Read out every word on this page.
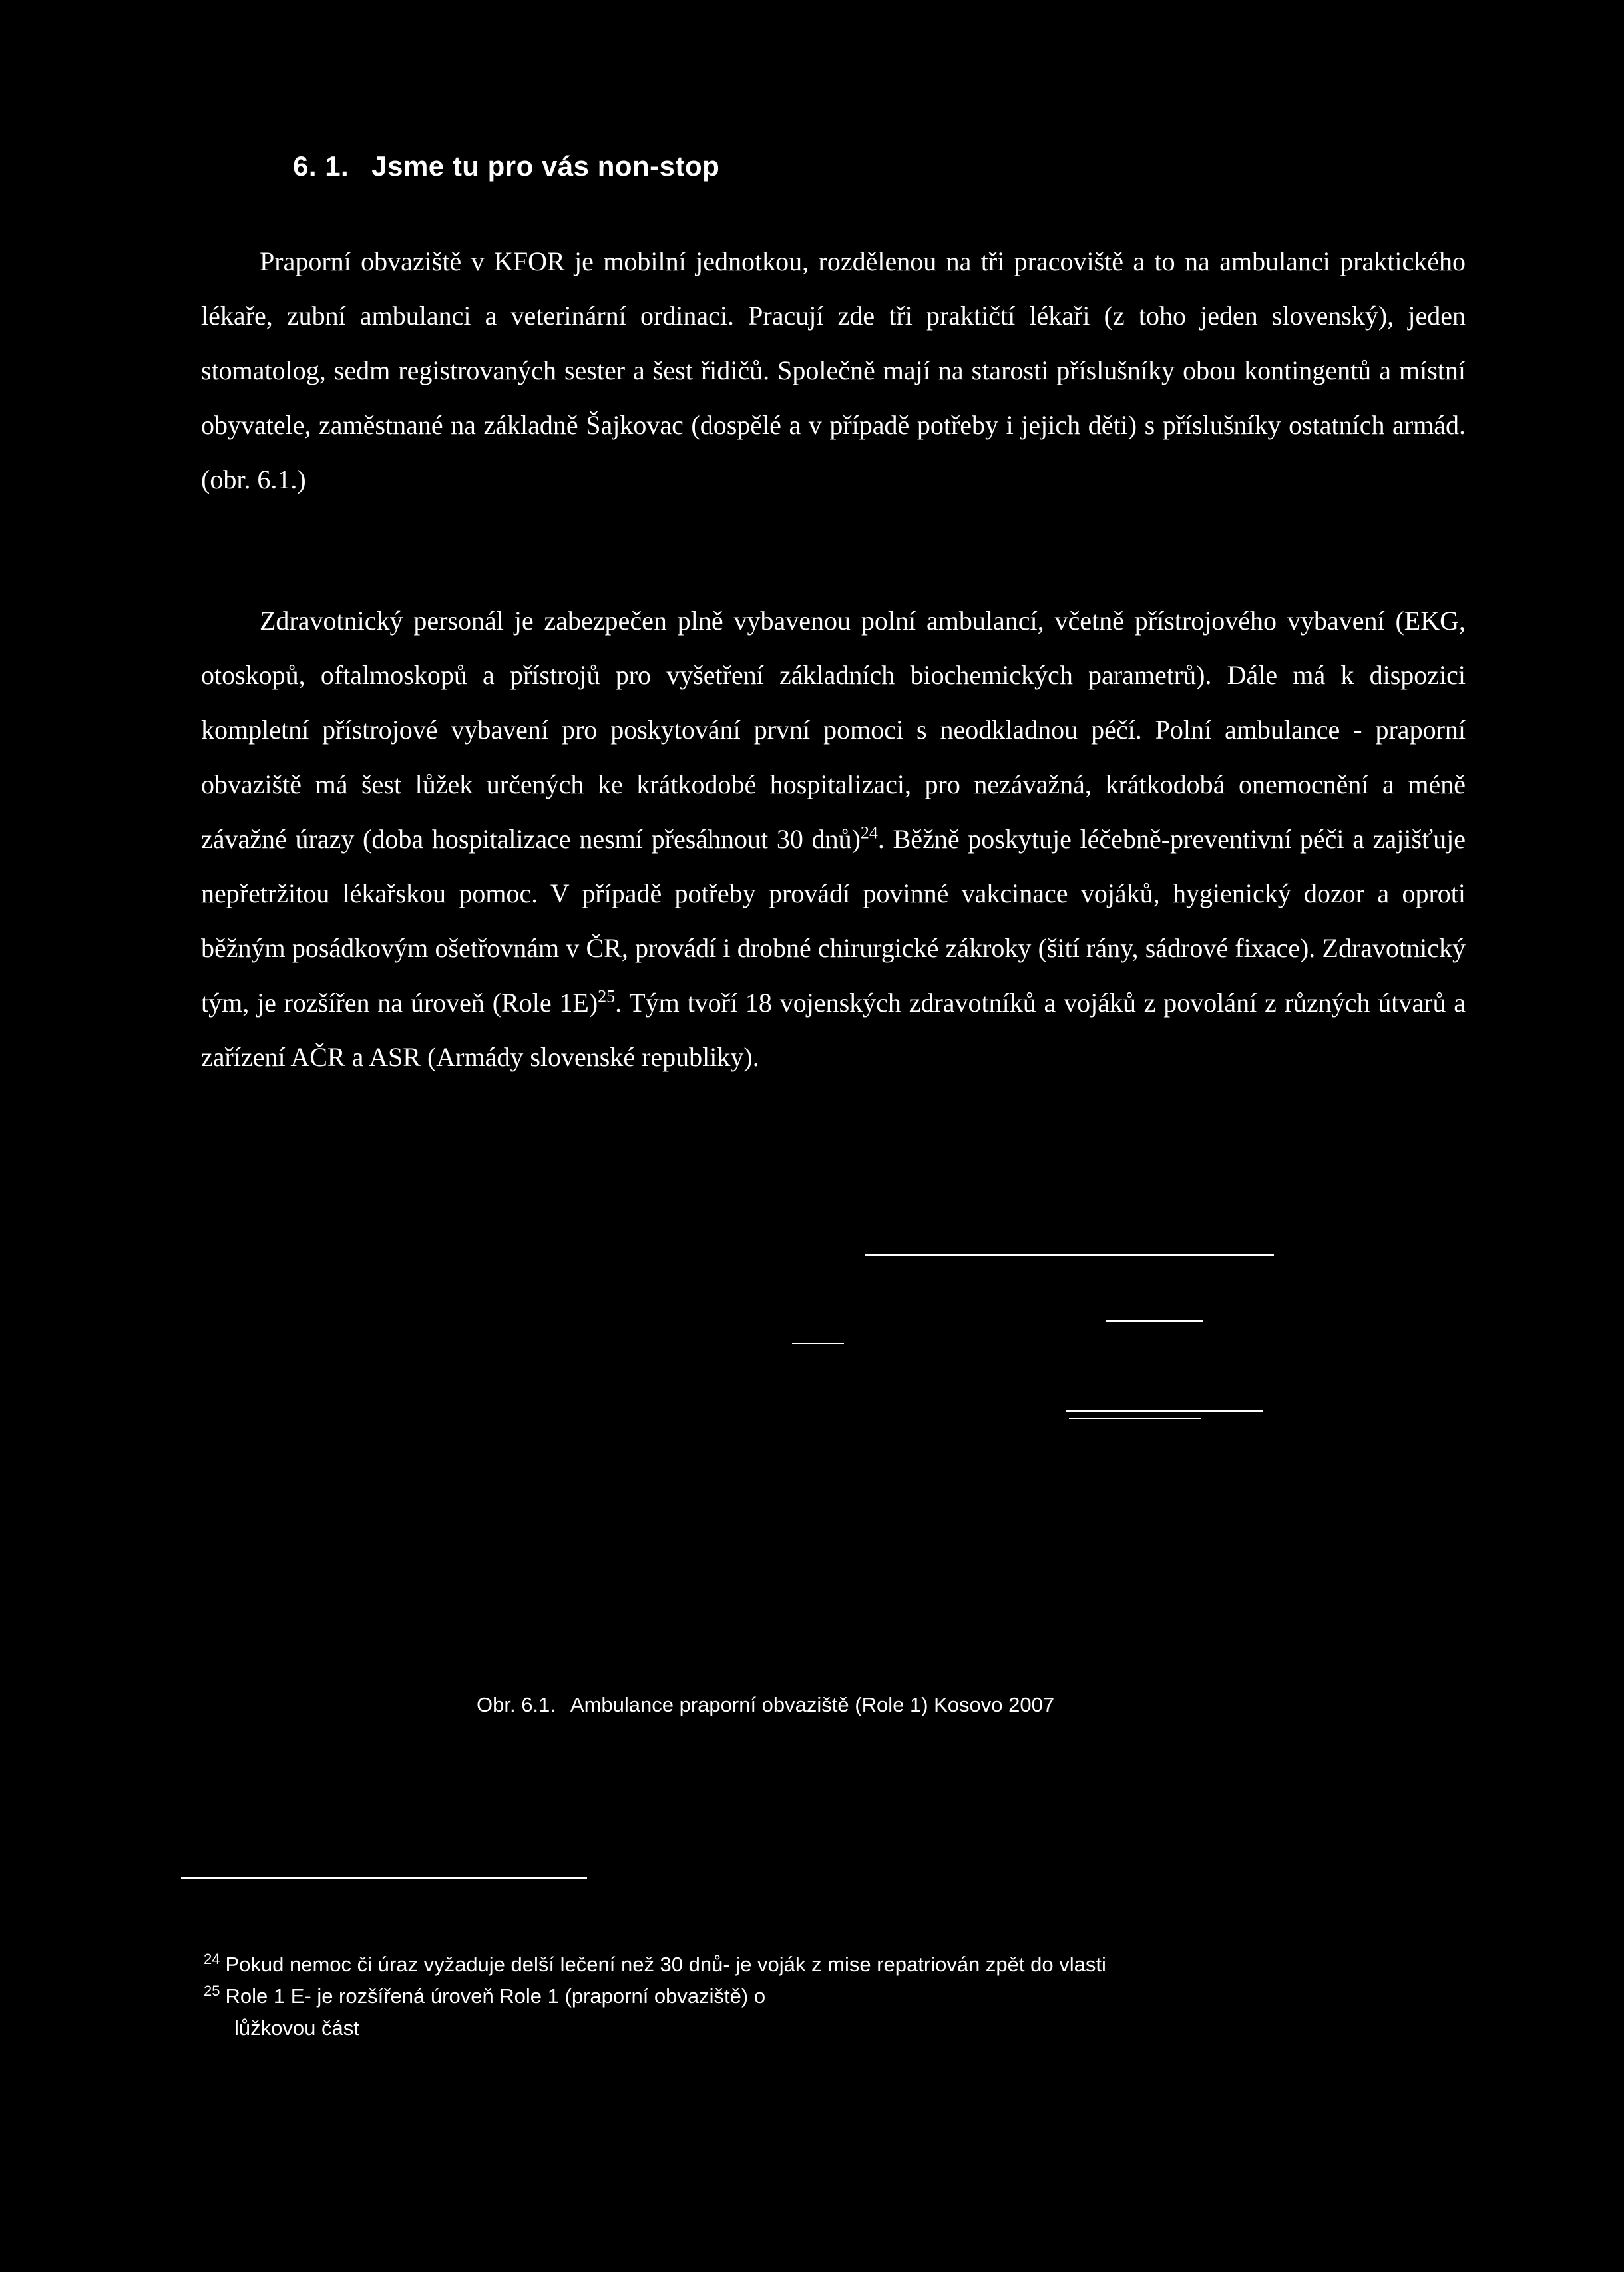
6. 1. Jsme tu pro vás non-stop

Praporní obvaziště v KFOR je mobilní jednotkou, rozdělenou na tři pracoviště a to na ambulanci praktického lékaře, zubní ambulanci a veterinární ordinaci. Pracují zde tři praktičtí lékaři (z toho jeden slovenský), jeden stomatolog, sedm registrovaných sester a šest řidičů. Společně mají na starosti příslušníky obou kontingentů a místní obyvatele, zaměstnané na základně Šajkovac (dospělé a v případě potřeby i jejich děti) s příslušníky ostatních armád. (obr. 6.1.)

Zdravotnický personál je zabezpečen plně vybavenou polní ambulancí, včetně přístrojového vybavení (EKG, otoskopů, oftalmoskopů a přístrojů pro vyšetření základních biochemických parametrů). Dále má k dispozici kompletní přístrojové vybavení pro poskytování první pomoci s neodkladnou péčí. Polní ambulance - praporní obvaziště má šest lůžek určených ke krátkodobé hospitalizaci, pro nezávažná, krátkodobá onemocnění a méně závažné úrazy (doba hospitalizace nesmí přesáhnout 30 dnů)$^{24}$. Běžně poskytuje léčebně-preventivní péči a zajišťuje nepřetržitou lékařskou pomoc. V případě potřeby provádí povinné vakcinace vojáků, hygienický dozor a oproti běžným posádkovým ošetřovnám v ČR, provádí i drobné chirurgické zákroky (šití rány, sádrové fixace). Zdravotnický tým, je rozšířen na úroveň (Role 1E)$^{25}$. Tým tvoří 18 vojenských zdravotníků a vojáků z povolání z různých útvarů a zařízení AČR a ASR (Armády slovenské republiky).

Obr. 6.1. Ambulance praporní obvaziště (Role 1) Kosovo 2007

$^{24}$ Pokud nemoc či úraz vyžaduje delší lečení než 30 dnů- je voják z mise repatriován zpět do vlasti

$^{25}$ Role 1 E- je rozšířená úroveň Role 1 (praporní obvaziště) o

lůžkovou část
